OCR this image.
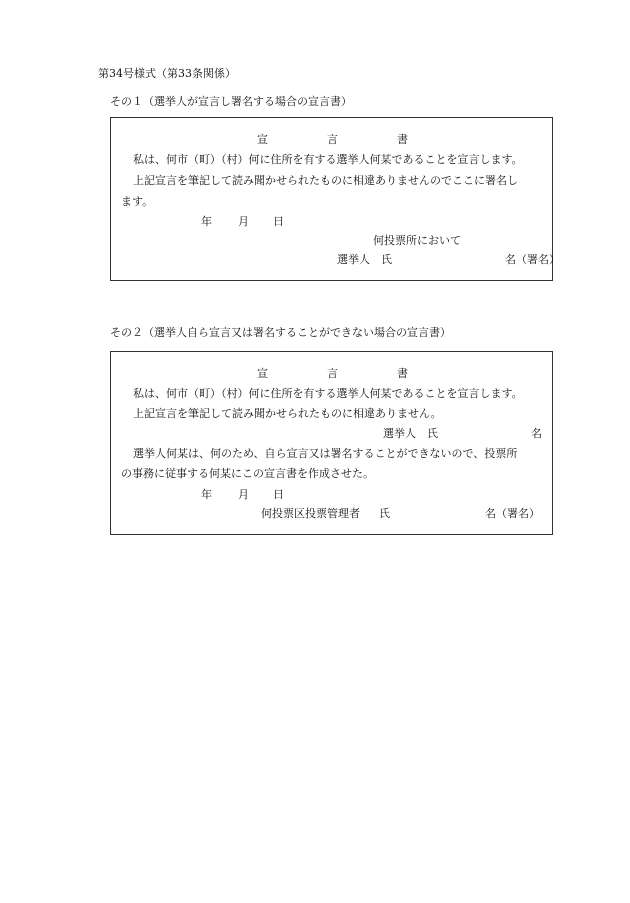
第34号様式（第33条関係）
その１（選挙人が宣言し署名する場合の宣言書）
宣	言	書
私は、何市（町）（村）何に住所を有する選挙人何某であることを宣言します。
上記宣言を筆記して読み聞かせられたものに相違ありませんのでここに署名し
ます。
年 月 日
何投票所において
選挙人 氏	名（署名）
その２（選挙人自ら宣言又は署名することができない場合の宣言書）
宣	言	書
私は、何市（町）（村）何に住所を有する選挙人何某であることを宣言します。
上記宣言を筆記して読み聞かせられたものに相違ありません。
選挙人 氏	名
選挙人何某は、何のため、自ら宣言又は署名することができないので、投票所
の事務に従事する何某にこの宣言書を作成させた。
年 月 日
何投票区投票管理者 氏	名（署名）
